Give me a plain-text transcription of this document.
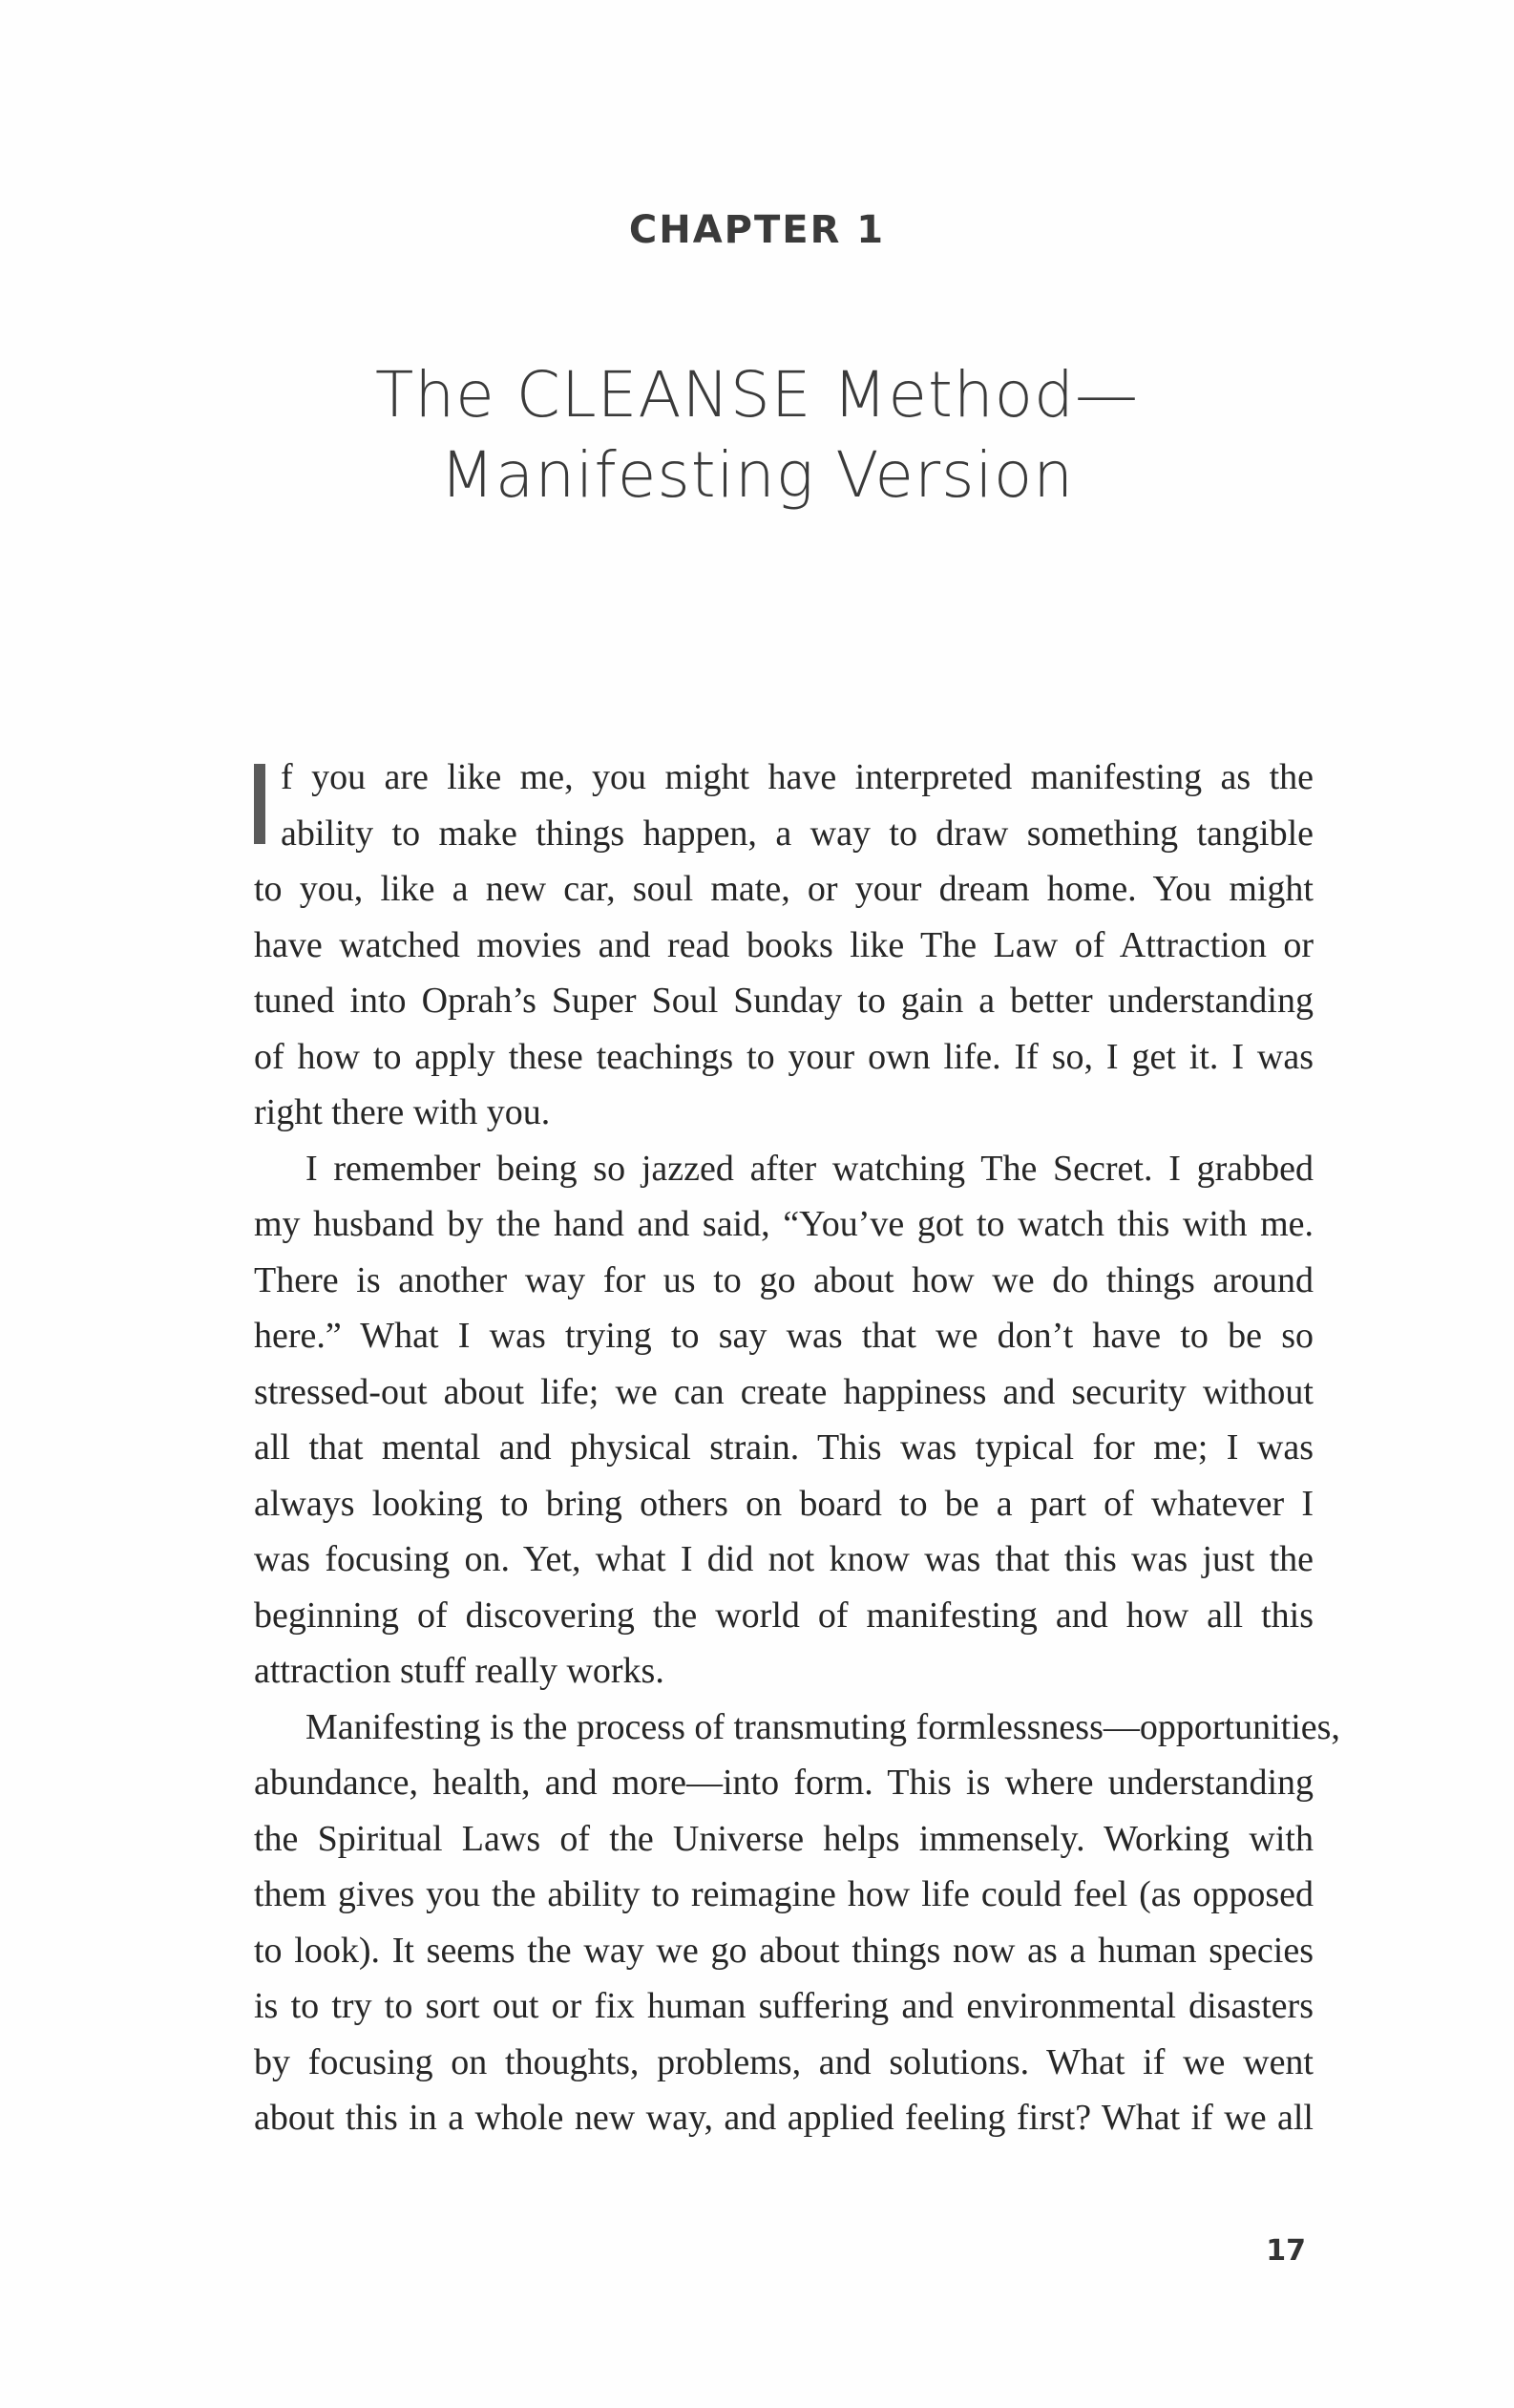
CHAPTER 1
The CLEANSE Method—
Manifesting Version
f you are like me, you might have interpreted manifesting as the
ability to make things happen, a way to draw something tangible
to you, like a new car, soul mate, or your dream home. You might
have watched movies and read books like The Law of Attraction or
tuned into Oprah’s Super Soul Sunday to gain a better understanding
of how to apply these teachings to your own life. If so, I get it. I was
right there with you.
I remember being so jazzed after watching The Secret. I grabbed
my husband by the hand and said, “You’ve got to watch this with me.
There is another way for us to go about how we do things around
here.” What I was trying to say was that we don’t have to be so
stressed-out about life; we can create happiness and security without
all that mental and physical strain. This was typical for me; I was
always looking to bring others on board to be a part of whatever I
was focusing on. Yet, what I did not know was that this was just the
beginning of discovering the world of manifesting and how all this
attraction stuff really works.
Manifesting is the process of transmuting formlessness—opportunities,
abundance, health, and more—into form. This is where understanding
the Spiritual Laws of the Universe helps immensely. Working with
them gives you the ability to reimagine how life could feel (as opposed
to look). It seems the way we go about things now as a human species
is to try to sort out or fix human suffering and environmental disasters
by focusing on thoughts, problems, and solutions. What if we went
about this in a whole new way, and applied feeling first? What if we all
17
